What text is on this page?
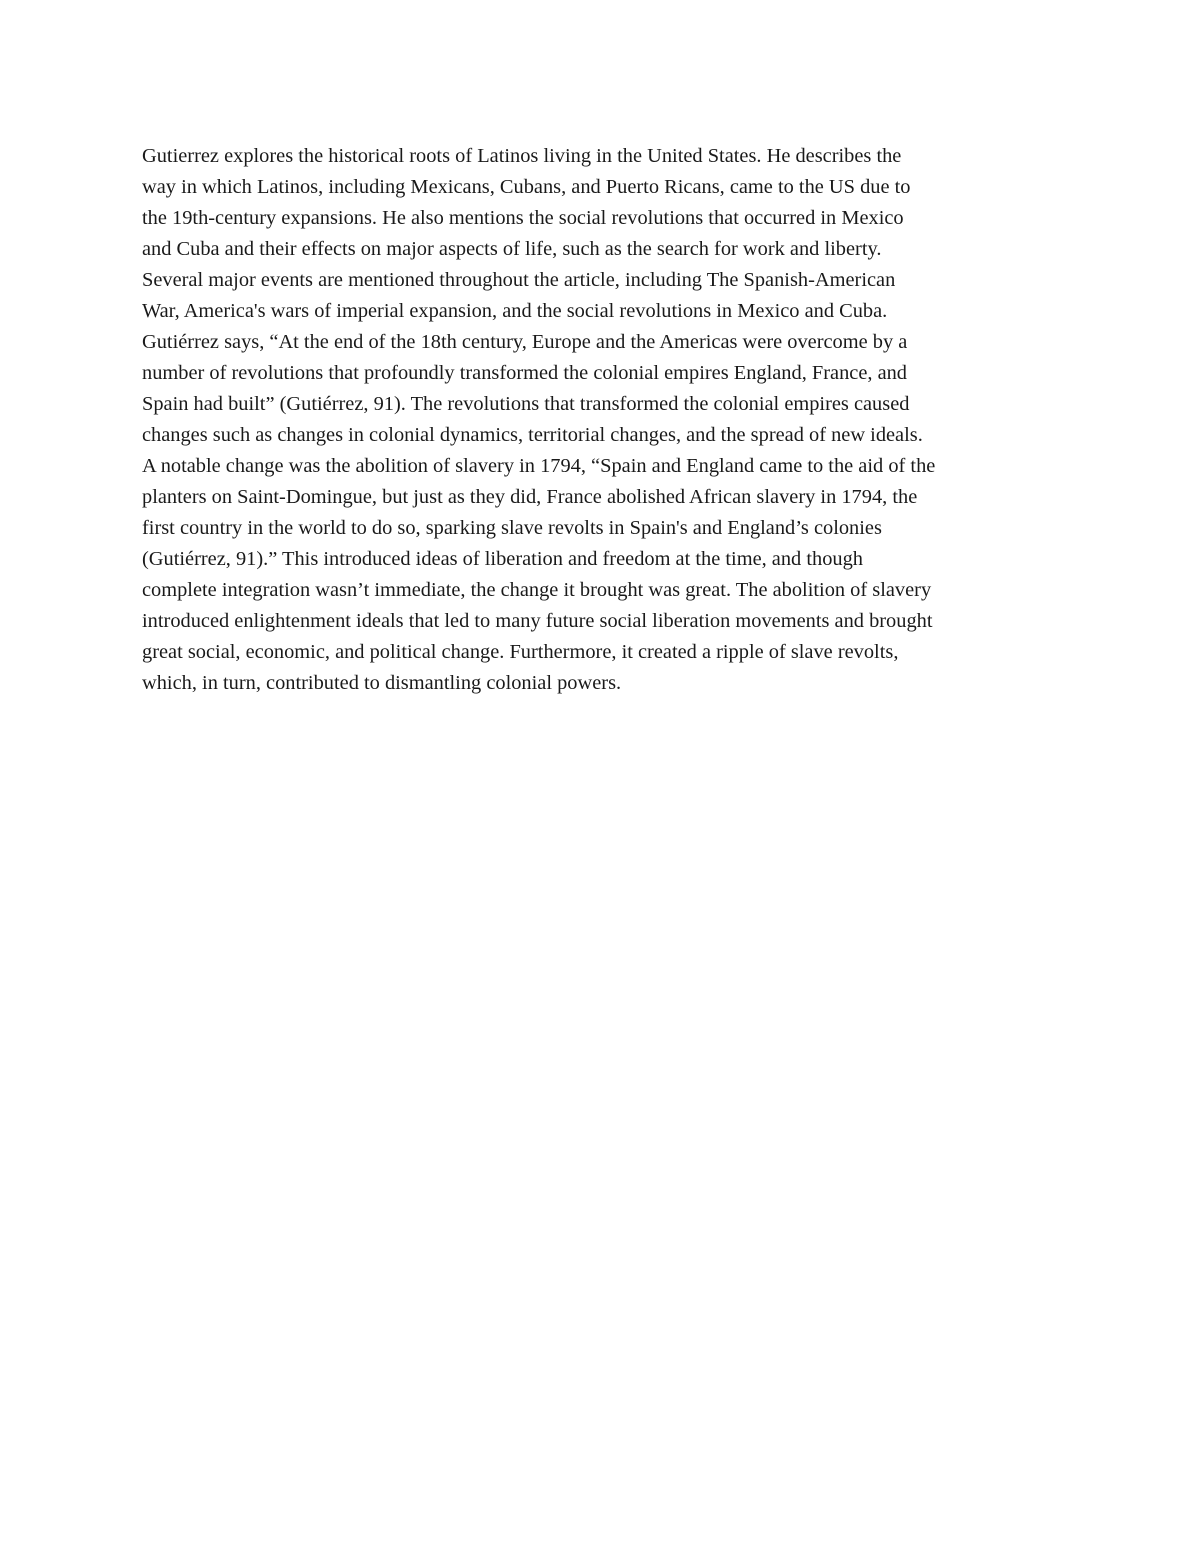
Gutierrez explores the historical roots of Latinos living in the United States. He describes the
way in which Latinos, including Mexicans, Cubans, and Puerto Ricans, came to the US due to
the 19th-century expansions. He also mentions the social revolutions that occurred in Mexico
and Cuba and their effects on major aspects of life, such as the search for work and liberty.
Several major events are mentioned throughout the article, including The Spanish-American
War, America's wars of imperial expansion, and the social revolutions in Mexico and Cuba.
Gutiérrez says, “At the end of the 18th century, Europe and the Americas were overcome by a
number of revolutions that profoundly transformed the colonial empires England, France, and
Spain had built” (Gutiérrez, 91). The revolutions that transformed the colonial empires caused
changes such as changes in colonial dynamics, territorial changes, and the spread of new ideals.
A notable change was the abolition of slavery in 1794, “Spain and England came to the aid of the
planters on Saint-Domingue, but just as they did, France abolished African slavery in 1794, the
first country in the world to do so, sparking slave revolts in Spain's and England’s colonies
(Gutiérrez, 91).” This introduced ideas of liberation and freedom at the time, and though
complete integration wasn’t immediate, the change it brought was great. The abolition of slavery
introduced enlightenment ideals that led to many future social liberation movements and brought
great social, economic, and political change. Furthermore, it created a ripple of slave revolts,
which, in turn, contributed to dismantling colonial powers.
